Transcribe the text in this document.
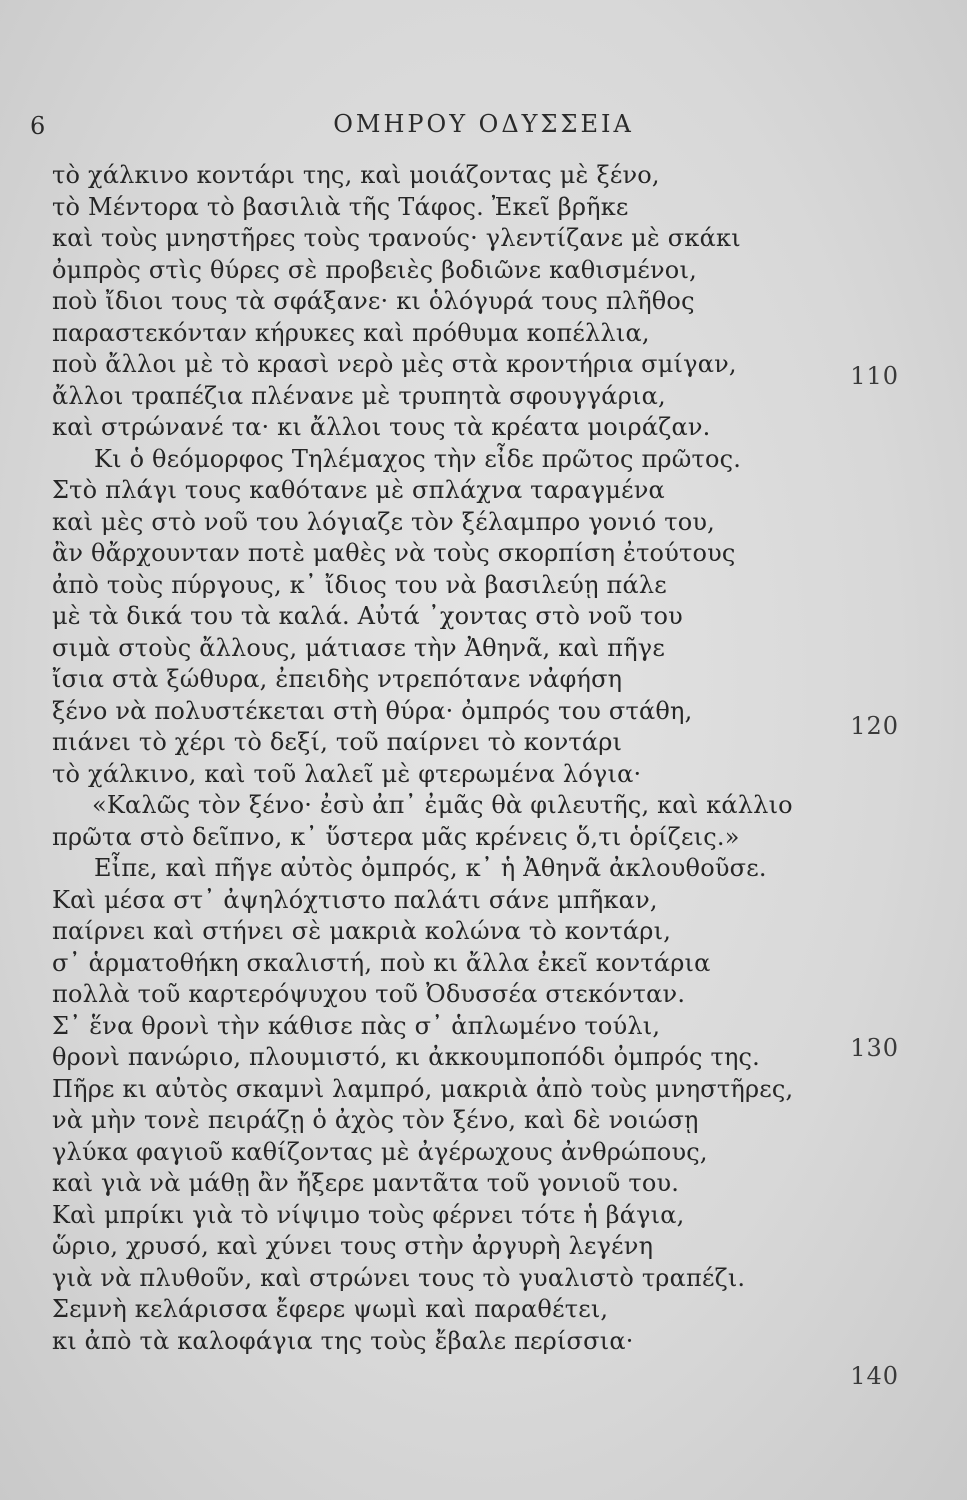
6	ΟΜΗΡΟΥ ΟΔΥΣΣΕΙΑ
τὸ χάλκινο κοντάρι της, καὶ μοιάζοντας μὲ ξένο,
τὸ Μέντορα τὸ βασιλιὰ τῆς Τάφος. Ἐκεῖ βρῆκε
καὶ τοὺς μνηστῆρες τοὺς τρανούς· γλεντίζανε μὲ σκάκι
ὀμπρὸς στὶς θύρες σὲ προβειὲς βοδιῶνε καθισμένοι,
ποὺ ἴδιοι τους τὰ σφάξανε· κι ὁλόγυρά τους πλῆθος
παραστεκόνταν κήρυκες καὶ πρόθυμα κοπέλλια,
ποὺ ἄλλοι μὲ τὸ κρασὶ νερὸ μὲς στὰ κροντήρια σμίγαν,
ἄλλοι τραπέζια πλένανε μὲ τρυπητὰ σφουγγάρια,
καὶ στρώνανέ τα· κι ἄλλοι τους τὰ κρέατα μοιράζαν.
Κι ὁ θεόμορφος Τηλέμαχος τὴν εἶδε πρῶτος πρῶτος.
Στὸ πλάγι τους καθότανε μὲ σπλάχνα ταραγμένα
καὶ μὲς στὸ νοῦ του λόγιαζε τὸν ξέλαμπρο γονιό του,
ἂν θἄρχουνταν ποτὲ μαθὲς νὰ τοὺς σκορπίση ἐτούτους
ἀπὸ τοὺς πύργους, κ᾽ ἴδιος του νὰ βασιλεύῃ πάλε
μὲ τὰ δικά του τὰ καλά. Αὐτά ᾽χοντας στὸ νοῦ του
σιμὰ στοὺς ἄλλους, μάτιασε τὴν Ἀθηνᾶ, καὶ πῆγε
ἴσια στὰ ξώθυρα, ἐπειδὴς ντρεπότανε νἀφήση
ξένο νὰ πολυστέκεται στὴ θύρα· ὀμπρός του στάθη,
πιάνει τὸ χέρι τὸ δεξί, τοῦ παίρνει τὸ κοντάρι
τὸ χάλκινο, καὶ τοῦ λαλεῖ μὲ φτερωμένα λόγια·
«Καλῶς τὸν ξένο· ἐσὺ ἀπ᾽ ἐμᾶς θὰ φιλευτῆς, καὶ κάλλιο
πρῶτα στὸ δεῖπνο, κ᾽ ὕστερα μᾶς κρένεις ὅ,τι ὁρίζεις.»
Εἶπε, καὶ πῆγε αὐτὸς ὀμπρός, κ᾽ ἡ Ἀθηνᾶ ἀκλουθοῦσε.
Καὶ μέσα στ᾽ ἀψηλόχτιστο παλάτι σάνε μπῆκαν,
παίρνει καὶ στήνει σὲ μακριὰ κολώνα τὸ κοντάρι,
σ᾽ ἁρματοθήκη σκαλιστή, ποὺ κι ἄλλα ἐκεῖ κοντάρια
πολλὰ τοῦ καρτερόψυχου τοῦ Ὀδυσσέα στεκόνταν.
Σ᾽ ἕνα θρονὶ τὴν κάθισε πὰς σ᾽ ἁπλωμένο τούλι,
θρονὶ πανώριο, πλουμιστό, κι ἀκκουμποπόδι ὀμπρός της.
Πῆρε κι αὐτὸς σκαμνὶ λαμπρό, μακριὰ ἀπὸ τοὺς μνηστῆρες,
νὰ μὴν τονὲ πειράζῃ ὁ ἀχὸς τὸν ξένο, καὶ δὲ νοιώσῃ
γλύκα φαγιοῦ καθίζοντας μὲ ἀγέρωχους ἀνθρώπους,
καὶ γιὰ νὰ μάθῃ ἂν ἤξερε μαντᾶτα τοῦ γονιοῦ του.
Καὶ μπρίκι γιὰ τὸ νίψιμο τοὺς φέρνει τότε ἡ βάγια,
ὥριο, χρυσό, καὶ χύνει τους στὴν ἀργυρὴ λεγένη
γιὰ νὰ πλυθοῦν, καὶ στρώνει τους τὸ γυαλιστὸ τραπέζι.
Σεμνὴ κελάρισσα ἔφερε ψωμὶ καὶ παραθέτει,
κι ἀπὸ τὰ καλοφάγια της τοὺς ἔβαλε περίσσια·
110
120
130
140
